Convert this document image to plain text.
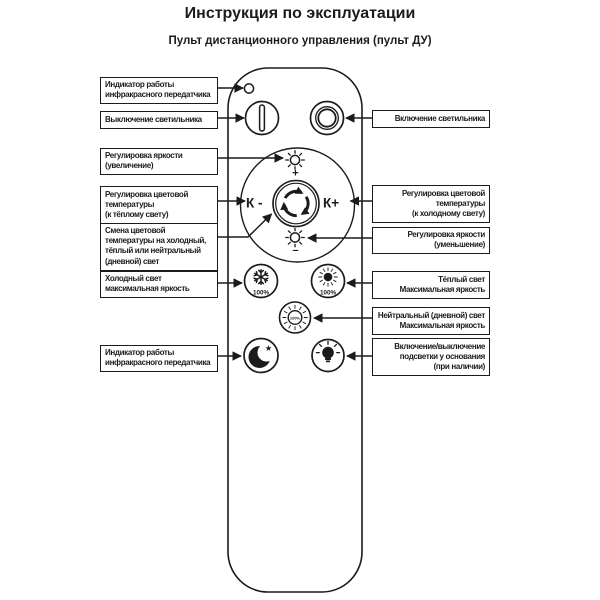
Инструкция по эксплуатации
Пульт дистанционного управления (пульт ДУ)
+
К -	К+
–
100%	100%
100%
★
Индикатор работы
инфракрасного передатчика
Выключение светильника
Регулировка яркости
(увеличение)
Регулировка цветовой
температуры
(к тёплому свету)
Смена цветовой
температуры на холодный,
тёплый или нейтральный
(дневной) свет
Холодный свет
максимальная яркость
Индикатор работы
инфракрасного передатчика
Включение светильника
Регулировка цветовой
температуры
(к холодному свету)
Регулировка яркости
(уменьшение)
Тёплый свет
Максимальная яркость
Нейтральный (дневной) свет
Максимальная яркость
Включение/выключение
подсветки у основания
(при наличии)
